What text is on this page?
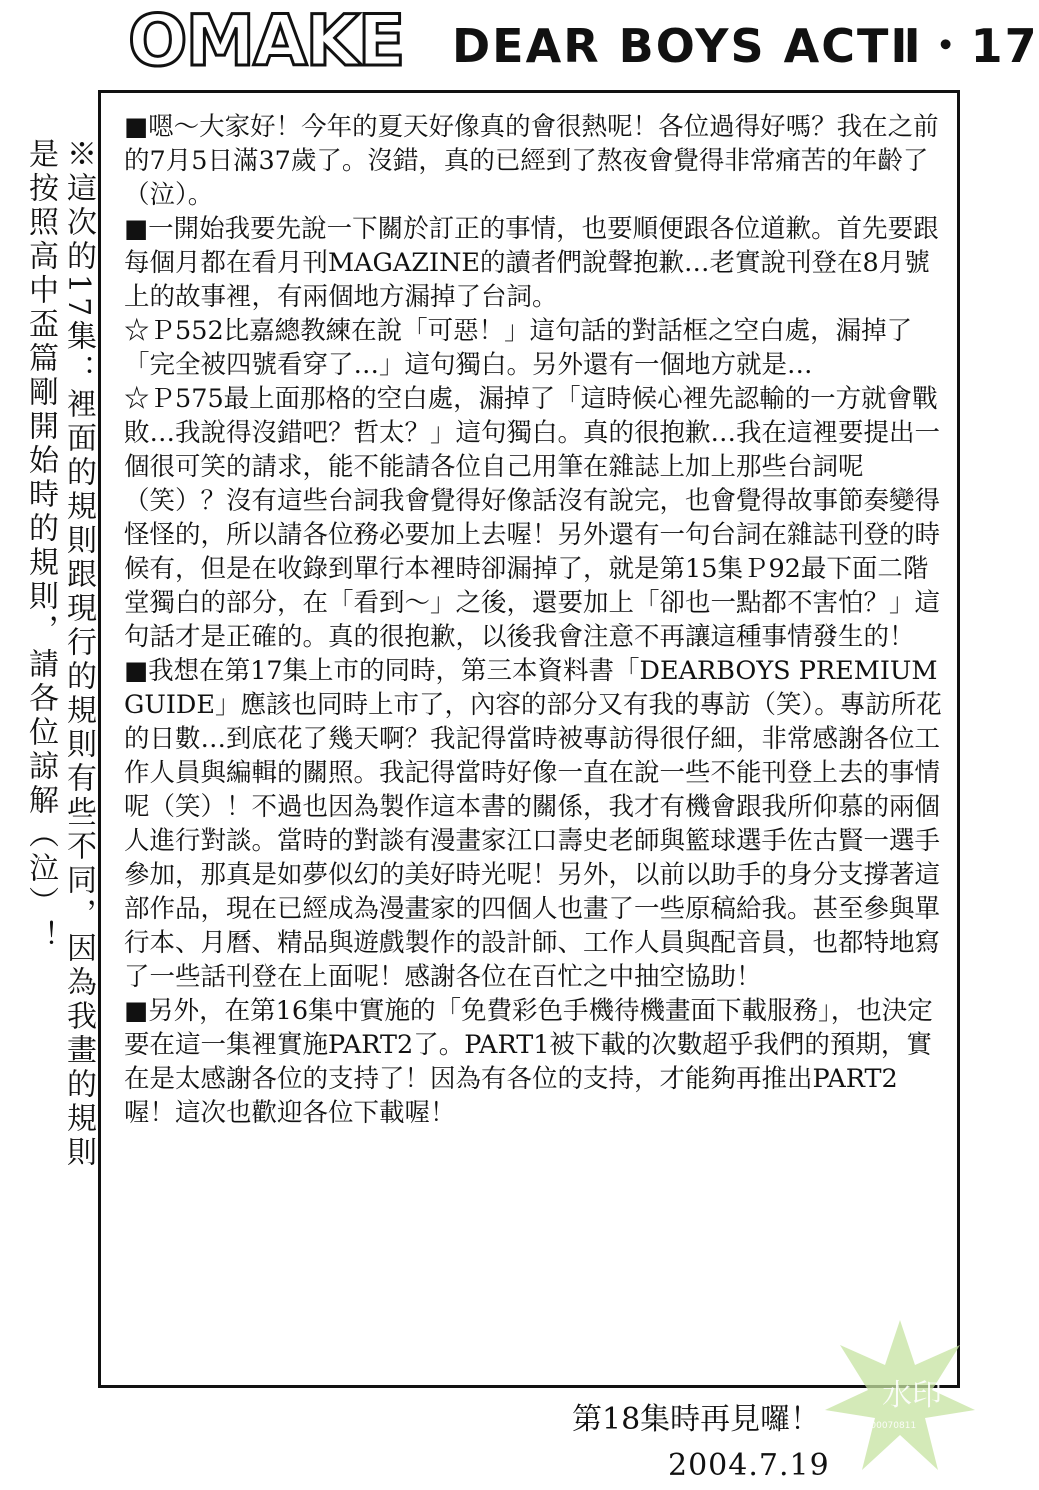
OMAKE DEAR BOYS ACTⅡ・17
※這次的17集：裡面的規則跟現行的規則有些不同，因為我畫的規則
是按照高中盃篇剛開始時的規則，請各位諒解（泣）！

■嗯～大家好！今年的夏天好像真的會很熱呢！各位過得好嗎？我在之前的7月5日滿37歲了。沒錯，真的已經到了熬夜會覺得非常痛苦的年齡了（泣）。

■一開始我要先說一下關於訂正的事情，也要順便跟各位道歉。首先要跟每個月都在看月刊MAGAZINE的讀者們說聲抱歉…老實說刊登在8月號上的故事裡，有兩個地方漏掉了台詞。

☆Ｐ552比嘉總教練在說「可惡！」這句話的對話框之空白處，漏掉了「完全被四號看穿了…」這句獨白。另外還有一個地方就是…

☆Ｐ575最上面那格的空白處，漏掉了「這時候心裡先認輸的一方就會戰敗…我說得沒錯吧？哲太？」這句獨白。真的很抱歉…我在這裡要提出一個很可笑的請求，能不能請各位自己用筆在雜誌上加上那些台詞呢（笑）？沒有這些台詞我會覺得好像話沒有說完，也會覺得故事節奏變得怪怪的，所以請各位務必要加上去喔！另外還有一句台詞在雜誌刊登的時候有，但是在收錄到單行本裡時卻漏掉了，就是第15集Ｐ92最下面二階堂獨白的部分，在「看到～」之後，還要加上「卻也一點都不害怕？」這句話才是正確的。真的很抱歉，以後我會注意不再讓這種事情發生的！

■我想在第17集上市的同時，第三本資料書「DEARBOYS PREMIUM GUIDE」應該也同時上市了，內容的部分又有我的專訪（笑）。專訪所花的日數…到底花了幾天啊？我記得當時被專訪得很仔細，非常感謝各位工作人員與編輯的關照。我記得當時好像一直在說一些不能刊登上去的事情呢（笑）！不過也因為製作這本書的關係，我才有機會跟我所仰慕的兩個人進行對談。當時的對談有漫畫家江口壽史老師與籃球選手佐古賢一選手參加，那真是如夢似幻的美好時光呢！另外，以前以助手的身分支撐著這部作品，現在已經成為漫畫家的四個人也畫了一些原稿給我。甚至參與單行本、月曆、精品與遊戲製作的設計師、工作人員與配音員，也都特地寫了一些話刊登在上面呢！感謝各位在百忙之中抽空協助！

■另外，在第16集中實施的「免費彩色手機待機畫面下載服務」，也決定要在這一集裡實施PART2了。PART1被下載的次數超乎我們的預期，實在是太感謝各位的支持了！因為有各位的支持，才能夠再推出PART2喔！這次也歡迎各位下載喔！

第18集時再見囉！
2004.7.19
水印
Scan by 600070811
